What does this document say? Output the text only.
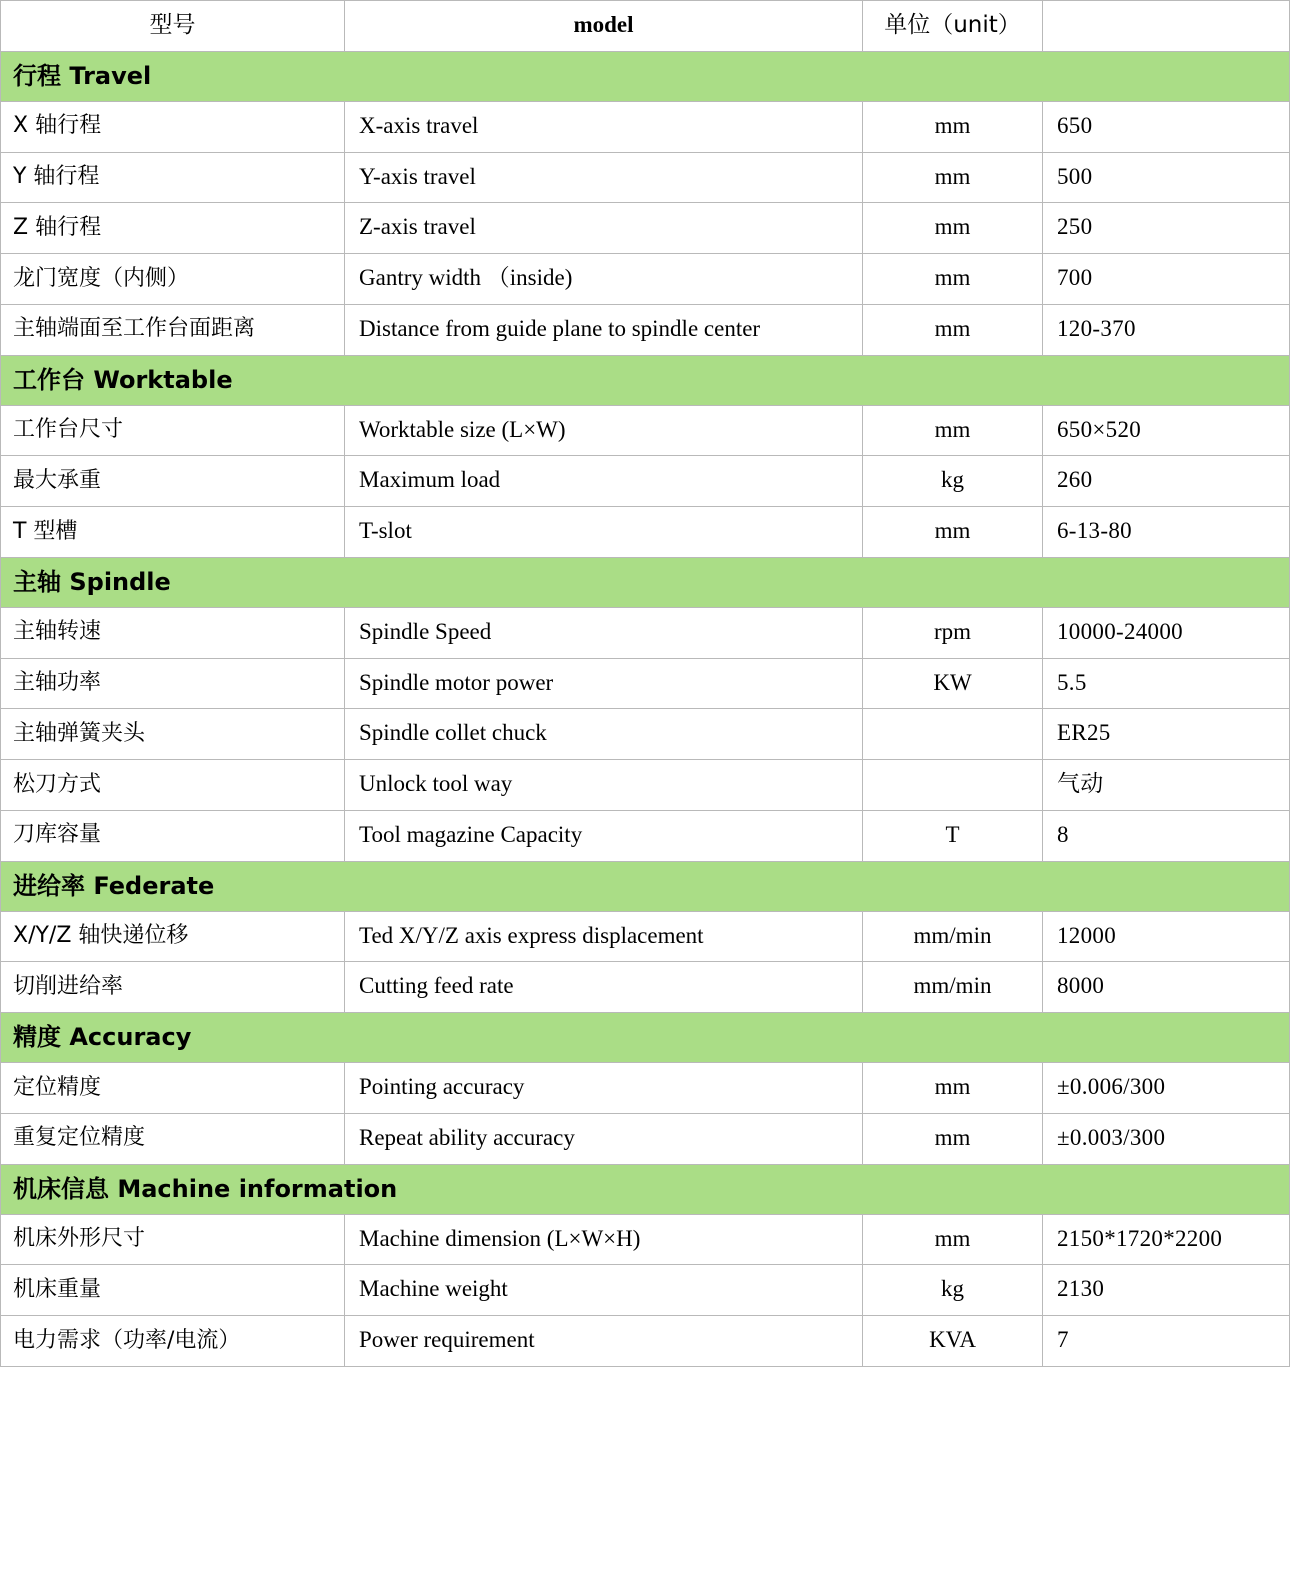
型号	model	单位（unit）	

行程 Travel			

X 轴行程	X-axis travel	mm	650

Y 轴行程	Y-axis travel	mm	500

Z 轴行程	Z-axis travel	mm	250

龙门宽度（内侧）	Gantry width （inside)	mm	700

主轴端面至工作台面距离	Distance from guide plane to spindle center	mm	120-370

工作台 Worktable			

工作台尺寸	Worktable size (L×W)	mm	650×520

最大承重	Maximum load	kg	260

T 型槽	T-slot	mm	6-13-80

主轴 Spindle			

主轴转速	Spindle Speed	rpm	10000-24000

主轴功率	Spindle motor power	KW	5.5

主轴弹簧夹头	Spindle collet chuck		ER25

松刀方式	Unlock tool way		气动

刀库容量	Tool magazine Capacity	T	8

进给率 Federate			

X/Y/Z 轴快递位移	Ted X/Y/Z axis express displacement	mm/min	12000

切削进给率	Cutting feed rate	mm/min	8000

精度 Accuracy			

定位精度	Pointing accuracy	mm	±0.006/300

重复定位精度	Repeat ability accuracy	mm	±0.003/300

机床信息 Machine information			

机床外形尺寸	Machine dimension (L×W×H)	mm	2150*1720*2200

机床重量	Machine weight	kg	2130

电力需求（功率/电流）	Power requirement	KVA	7
